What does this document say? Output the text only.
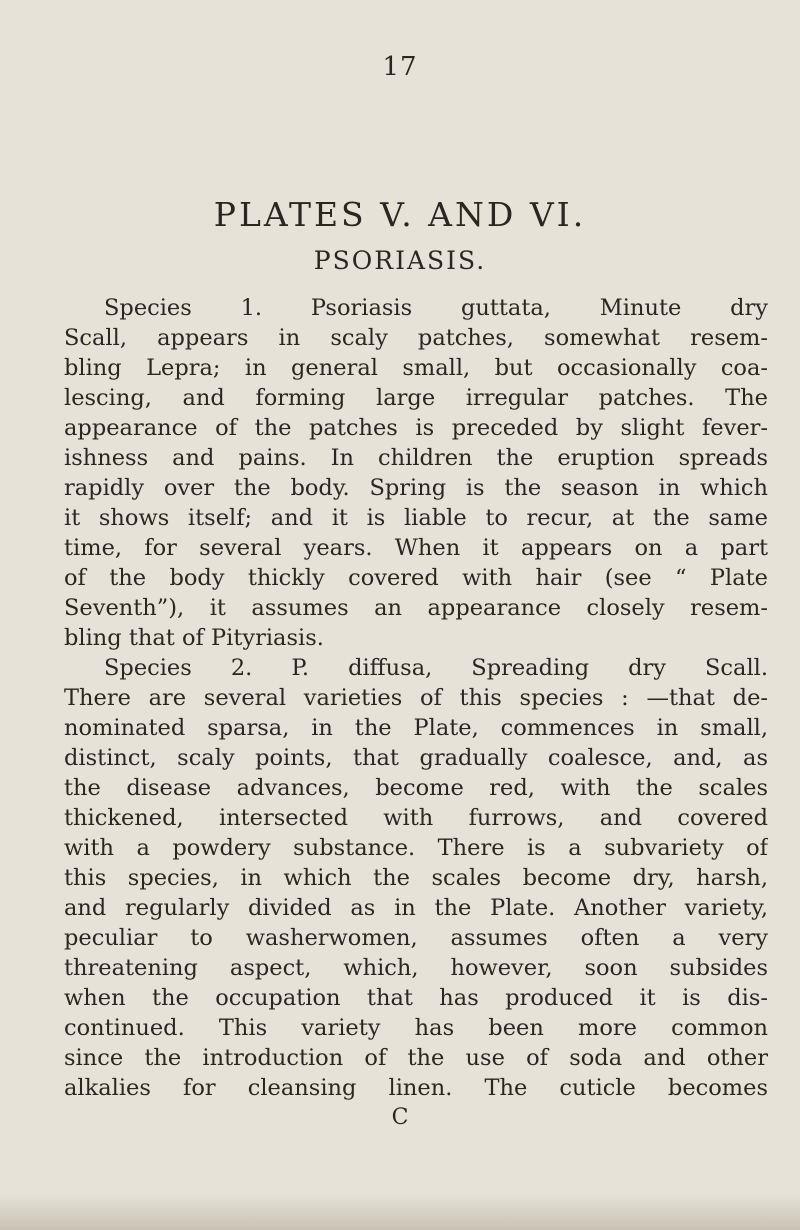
17
PLATES V. AND VI.
PSORIASIS.
Species 1. Psoriasis guttata, Minute dry
Scall, appears in scaly patches, somewhat resem-
bling Lepra; in general small, but occasionally coa-
lescing, and forming large irregular patches. The
appearance of the patches is preceded by slight fever-
ishness and pains. In children the eruption spreads
rapidly over the body. Spring is the season in which
it shows itself; and it is liable to recur, at the same
time, for several years. When it appears on a part
of the body thickly covered with hair (see “ Plate
Seventh”), it assumes an appearance closely resem-
bling that of Pityriasis.
Species 2. P. diffusa, Spreading dry Scall.
There are several varieties of this species : —that de-
nominated sparsa, in the Plate, commences in small,
distinct, scaly points, that gradually coalesce, and, as
the disease advances, become red, with the scales
thickened, intersected with furrows, and covered
with a powdery substance. There is a subvariety of
this species, in which the scales become dry, harsh,
and regularly divided as in the Plate. Another variety,
peculiar to washerwomen, assumes often a very
threatening aspect, which, however, soon subsides
when the occupation that has produced it is dis-
continued. This variety has been more common
since the introduction of the use of soda and other
alkalies for cleansing linen. The cuticle becomes
C
